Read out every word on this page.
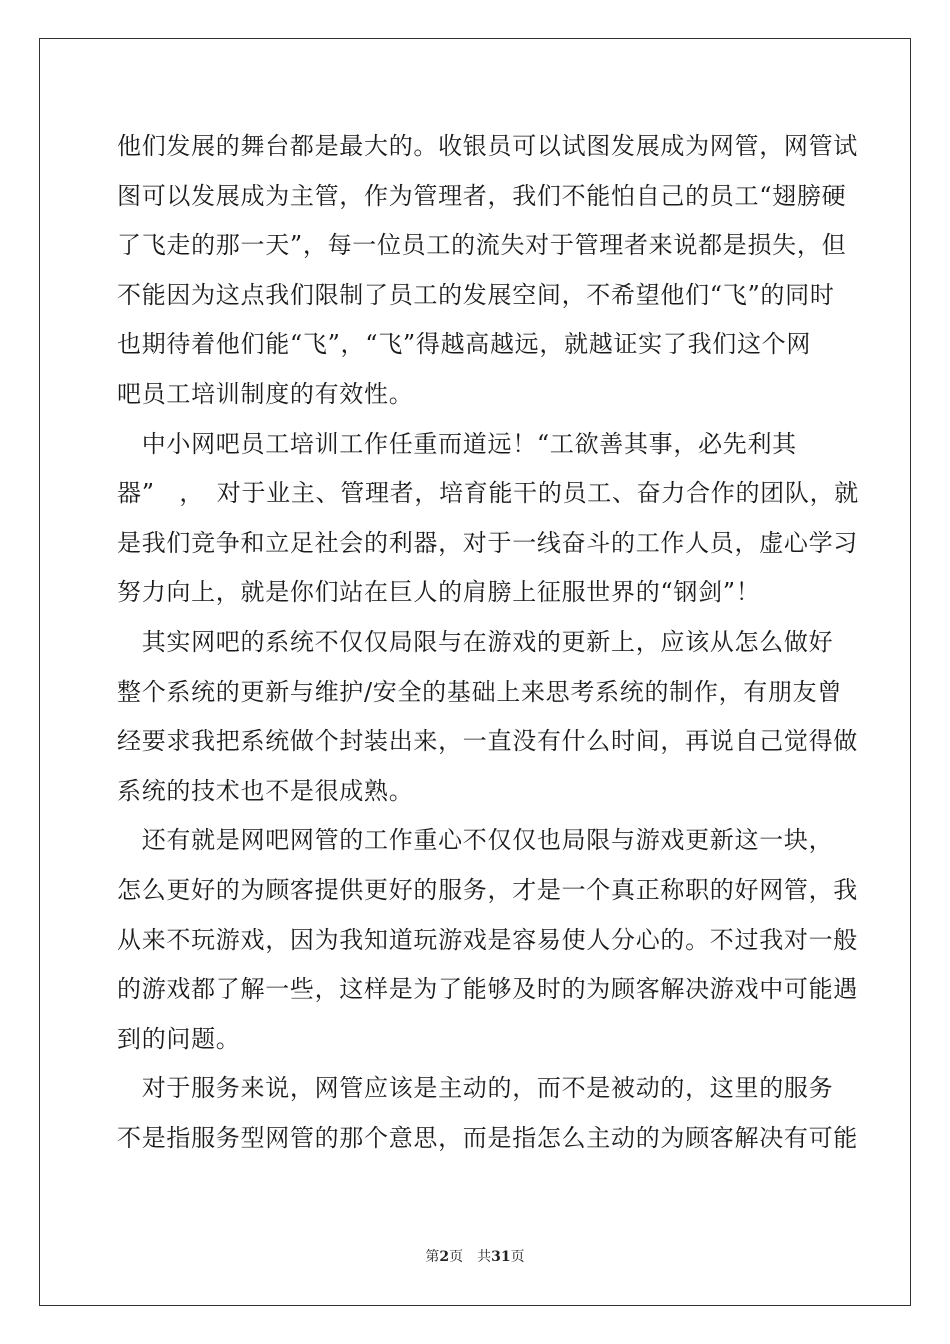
他们发展的舞台都是最大的。收银员可以试图发展成为网管，网管试
图可以发展成为主管，作为管理者，我们不能怕自己的员工“翅膀硬
了飞走的那一天”，每一位员工的流失对于管理者来说都是损失，但
不能因为这点我们限制了员工的发展空间，不希望他们“飞”的同时
也期待着他们能“飞”，“飞”得越高越远，就越证实了我们这个网
吧员工培训制度的有效性。

　中小网吧员工培训工作任重而道远！“工欲善其事，必先利其
器”　，　对于业主、管理者，培育能干的员工、奋力合作的团队，就
是我们竞争和立足社会的利器，对于一线奋斗的工作人员，虚心学习
努力向上，就是你们站在巨人的肩膀上征服世界的“钢剑”！

　其实网吧的系统不仅仅局限与在游戏的更新上，应该从怎么做好
整个系统的更新与维护/安全的基础上来思考系统的制作，有朋友曾
经要求我把系统做个封装出来，一直没有什么时间，再说自己觉得做
系统的技术也不是很成熟。

　还有就是网吧网管的工作重心不仅仅也局限与游戏更新这一块，
怎么更好的为顾客提供更好的服务，才是一个真正称职的好网管，我
从来不玩游戏，因为我知道玩游戏是容易使人分心的。不过我对一般
的游戏都了解一些，这样是为了能够及时的为顾客解决游戏中可能遇
到的问题。

　对于服务来说，网管应该是主动的，而不是被动的，这里的服务
不是指服务型网管的那个意思，而是指怎么主动的为顾客解决有可能

第2页 共31页
